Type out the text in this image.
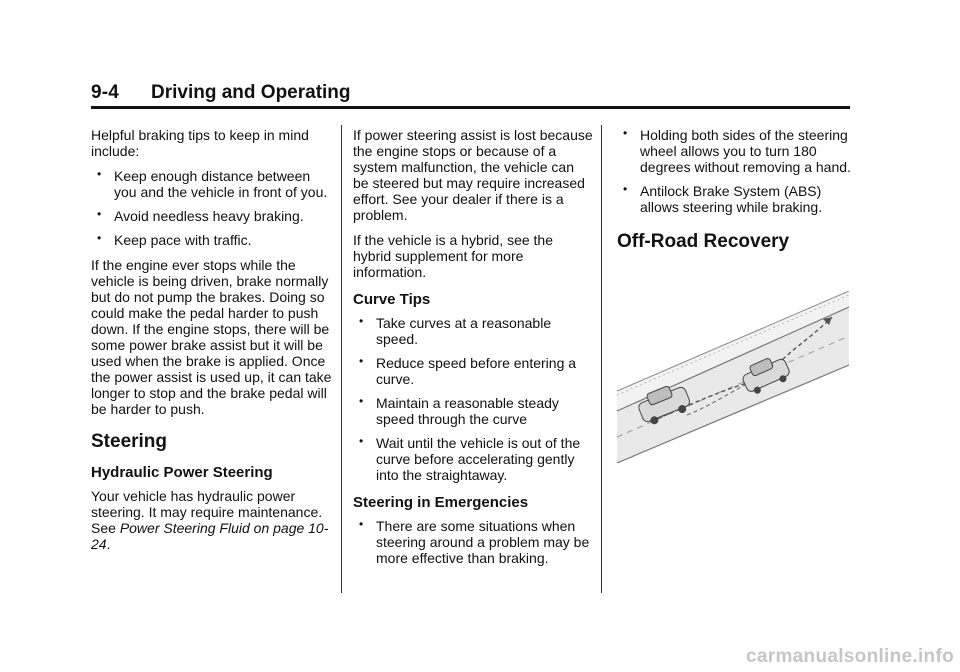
9-4 Driving and Operating

Helpful braking tips to keep in mind include:

• Keep enough distance between you and the vehicle in front of you.
• Avoid needless heavy braking.
• Keep pace with traffic.

If the engine ever stops while the vehicle is being driven, brake normally but do not pump the brakes. Doing so could make the pedal harder to push down. If the engine stops, there will be some power brake assist but it will be used when the brake is applied. Once the power assist is used up, it can take longer to stop and the brake pedal will be harder to push.

Steering
Hydraulic Power Steering

Your vehicle has hydraulic power steering. It may require maintenance. See Power Steering Fluid on page 10-24.

If power steering assist is lost because the engine stops or because of a system malfunction, the vehicle can be steered but may require increased effort. See your dealer if there is a problem.

If the vehicle is a hybrid, see the hybrid supplement for more information.

Curve Tips
• Take curves at a reasonable speed.
• Reduce speed before entering a curve.
• Maintain a reasonable steady speed through the curve
• Wait until the vehicle is out of the curve before accelerating gently into the straightaway.
Steering in Emergencies
• There are some situations when steering around a problem may be more effective than braking.
• Holding both sides of the steering wheel allows you to turn 180 degrees without removing a hand.
• Antilock Brake System (ABS) allows steering while braking.
Off-Road Recovery
carmanualsonline.info
